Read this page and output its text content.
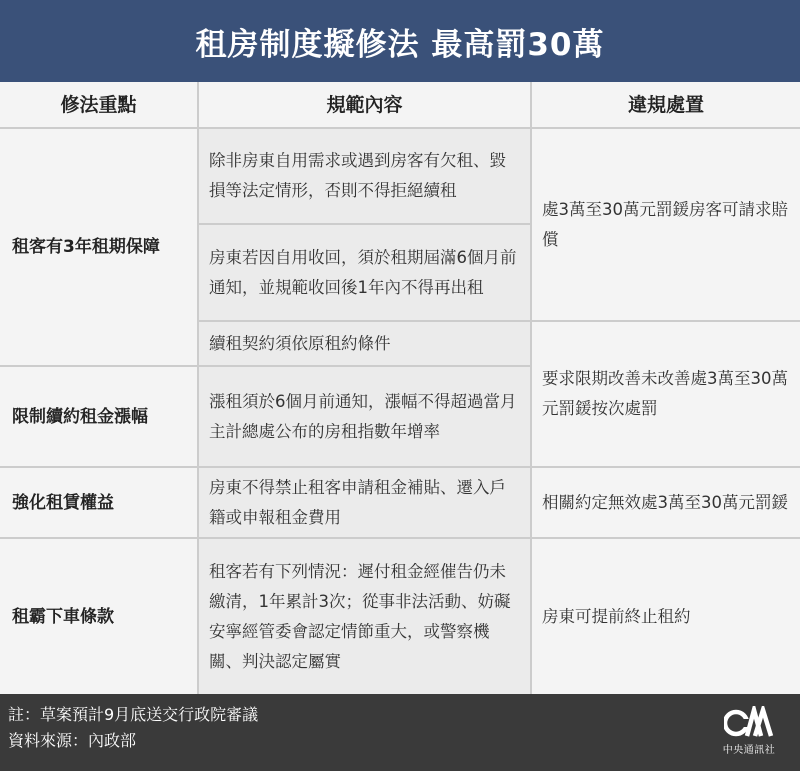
租房制度擬修法 最高罰30萬
修法重點	規範內容	違規處置
租客有3年租期保障
限制續約租金漲幅
強化租賃權益
租霸下車條款
除非房東自用需求或遇到房客有欠租、毀損等法定情形，否則不得拒絕續租
房東若因自用收回，須於租期屆滿6個月前通知，並規範收回後1年內不得再出租
續租契約須依原租約條件
漲租須於6個月前通知，漲幅不得超過當月主計總處公布的房租指數年增率
房東不得禁止租客申請租金補貼、遷入戶籍或申報租金費用
租客若有下列情況：遲付租金經催告仍未繳清，1年累計3次；從事非法活動、妨礙安寧經管委會認定情節重大，或警察機關、判決認定屬實
處3萬至30萬元罰鍰房客可請求賠償
要求限期改善未改善處3萬至30萬元罰鍰按次處罰
相關約定無效處3萬至30萬元罰鍰
房東可提前終止租約
註：草案預計9月底送交行政院審議
資料來源：內政部
中央通訊社
